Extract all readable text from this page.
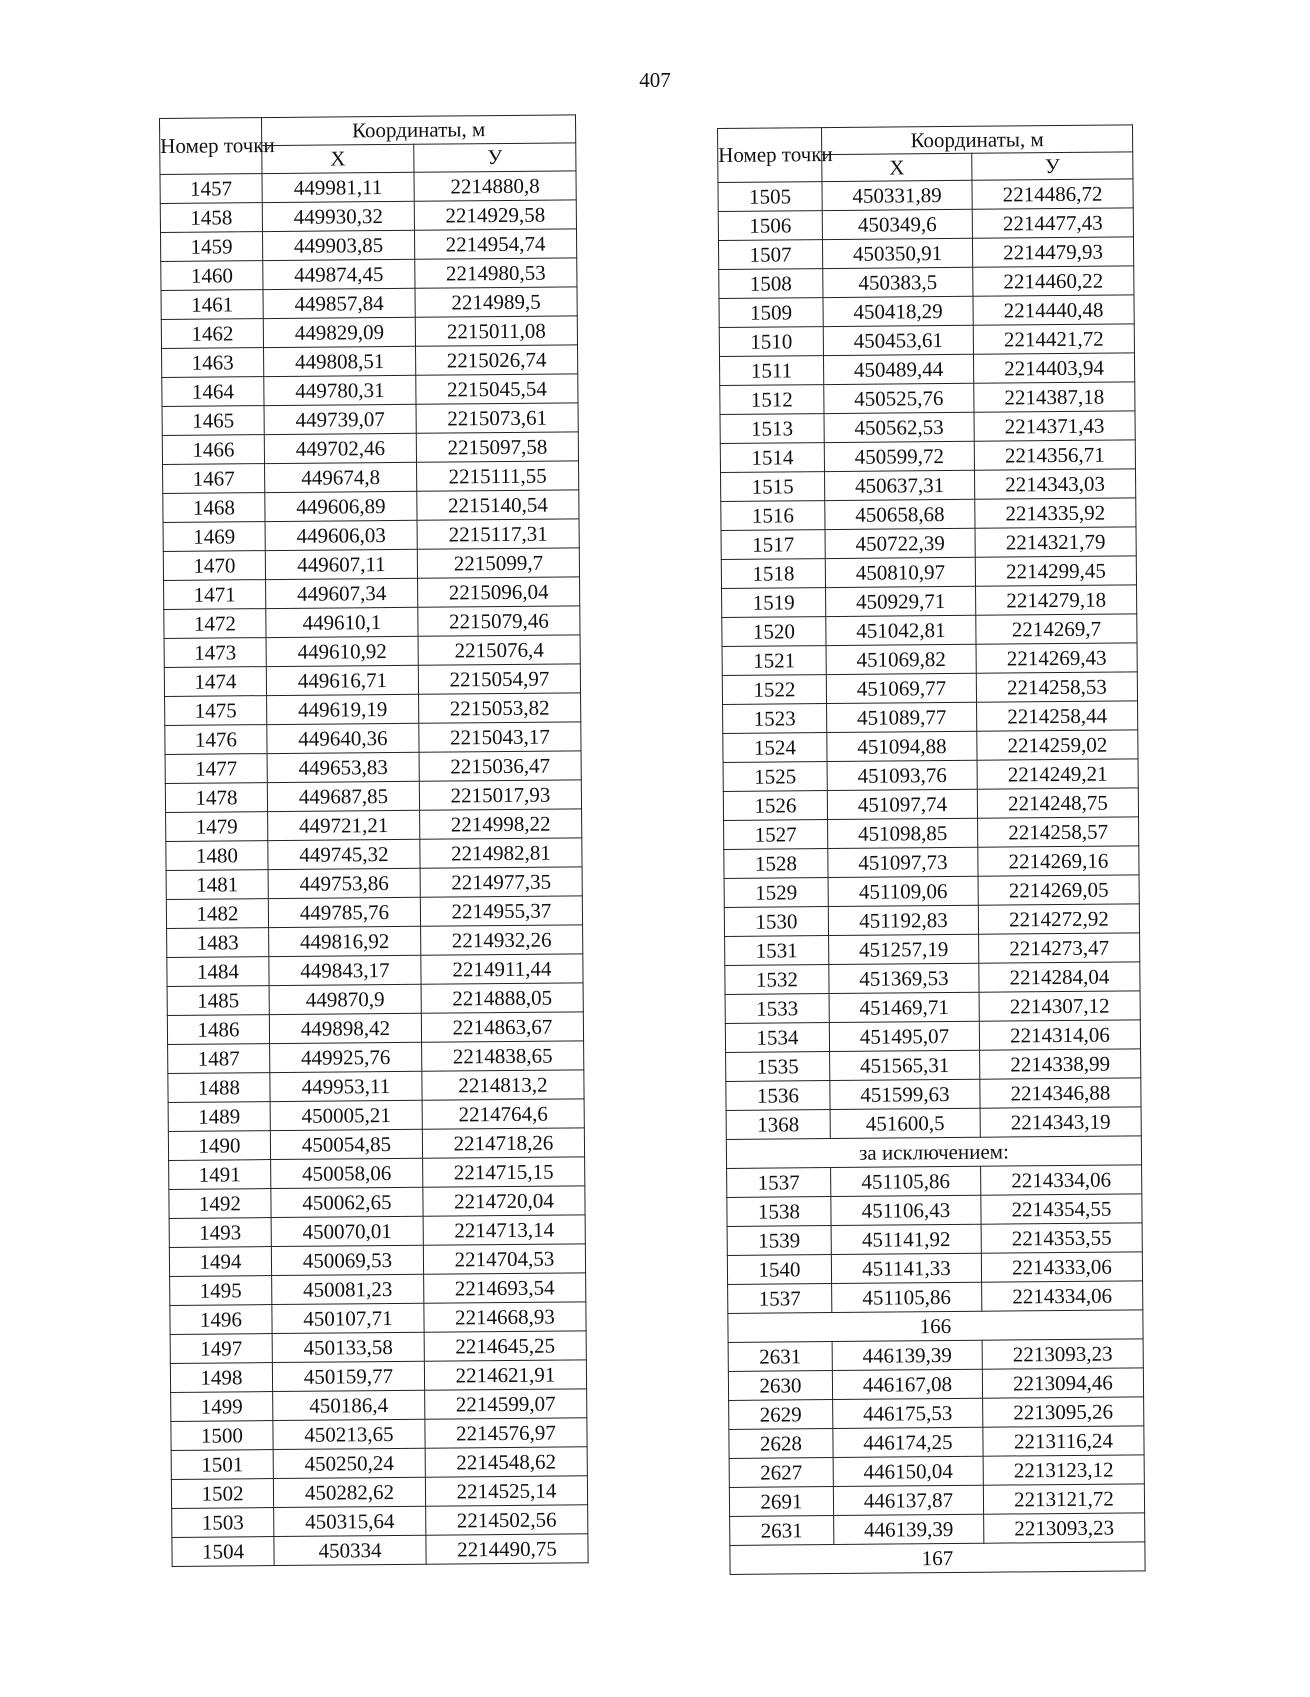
407
Номер точки	Координаты, м	
	X	У
1457	449981,11	2214880,8
1458	449930,32	2214929,58
1459	449903,85	2214954,74
1460	449874,45	2214980,53
1461	449857,84	2214989,5
1462	449829,09	2215011,08
1463	449808,51	2215026,74
1464	449780,31	2215045,54
1465	449739,07	2215073,61
1466	449702,46	2215097,58
1467	449674,8	2215111,55
1468	449606,89	2215140,54
1469	449606,03	2215117,31
1470	449607,11	2215099,7
1471	449607,34	2215096,04
1472	449610,1	2215079,46
1473	449610,92	2215076,4
1474	449616,71	2215054,97
1475	449619,19	2215053,82
1476	449640,36	2215043,17
1477	449653,83	2215036,47
1478	449687,85	2215017,93
1479	449721,21	2214998,22
1480	449745,32	2214982,81
1481	449753,86	2214977,35
1482	449785,76	2214955,37
1483	449816,92	2214932,26
1484	449843,17	2214911,44
1485	449870,9	2214888,05
1486	449898,42	2214863,67
1487	449925,76	2214838,65
1488	449953,11	2214813,2
1489	450005,21	2214764,6
1490	450054,85	2214718,26
1491	450058,06	2214715,15
1492	450062,65	2214720,04
1493	450070,01	2214713,14
1494	450069,53	2214704,53
1495	450081,23	2214693,54
1496	450107,71	2214668,93
1497	450133,58	2214645,25
1498	450159,77	2214621,91
1499	450186,4	2214599,07
1500	450213,65	2214576,97
1501	450250,24	2214548,62
1502	450282,62	2214525,14
1503	450315,64	2214502,56
1504	450334	2214490,75
Номер точки	Координаты, м	
	X	У
1505	450331,89	2214486,72
1506	450349,6	2214477,43
1507	450350,91	2214479,93
1508	450383,5	2214460,22
1509	450418,29	2214440,48
1510	450453,61	2214421,72
1511	450489,44	2214403,94
1512	450525,76	2214387,18
1513	450562,53	2214371,43
1514	450599,72	2214356,71
1515	450637,31	2214343,03
1516	450658,68	2214335,92
1517	450722,39	2214321,79
1518	450810,97	2214299,45
1519	450929,71	2214279,18
1520	451042,81	2214269,7
1521	451069,82	2214269,43
1522	451069,77	2214258,53
1523	451089,77	2214258,44
1524	451094,88	2214259,02
1525	451093,76	2214249,21
1526	451097,74	2214248,75
1527	451098,85	2214258,57
1528	451097,73	2214269,16
1529	451109,06	2214269,05
1530	451192,83	2214272,92
1531	451257,19	2214273,47
1532	451369,53	2214284,04
1533	451469,71	2214307,12
1534	451495,07	2214314,06
1535	451565,31	2214338,99
1536	451599,63	2214346,88
1368	451600,5	2214343,19
за исключением:		
1537	451105,86	2214334,06
1538	451106,43	2214354,55
1539	451141,92	2214353,55
1540	451141,33	2214333,06
1537	451105,86	2214334,06
166		
2631	446139,39	2213093,23
2630	446167,08	2213094,46
2629	446175,53	2213095,26
2628	446174,25	2213116,24
2627	446150,04	2213123,12
2691	446137,87	2213121,72
2631	446139,39	2213093,23
167		
